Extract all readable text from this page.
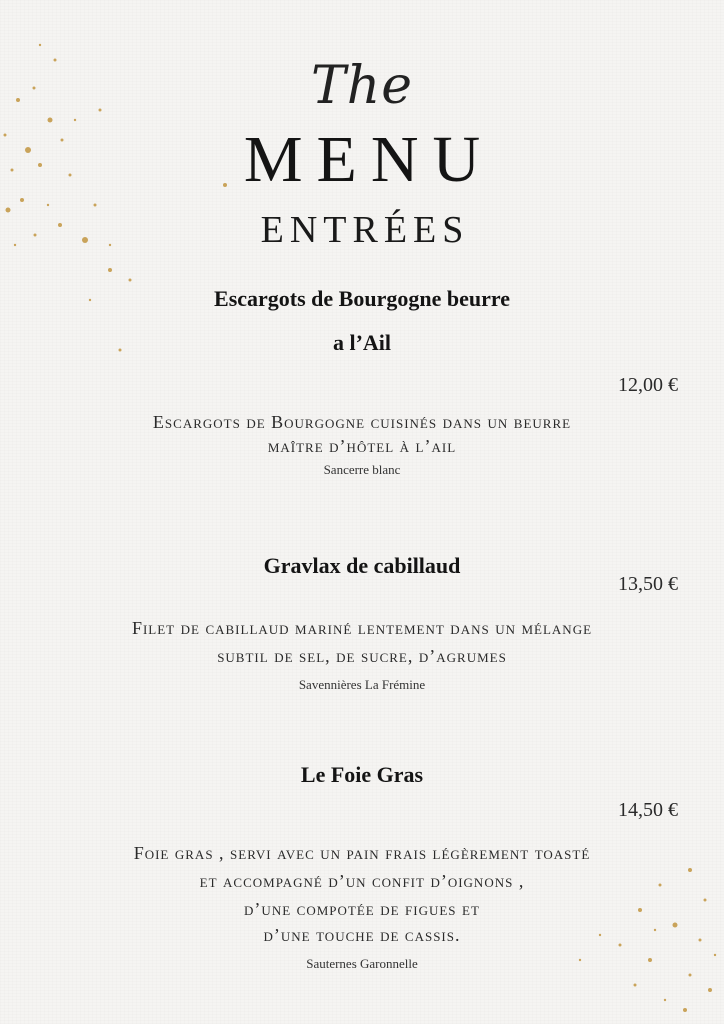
The
MENU
ENTRÉES
Escargots de Bourgogne beurre
a l’Ail
12,00 €
Escargots de Bourgogne cuisinés dans un beurre
maître d’hôtel à l’ail
Sancerre blanc
Gravlax de cabillaud
13,50 €
Filet de cabillaud mariné lentement dans un mélange
subtil de sel, de sucre, d’agrumes
Savennières La Frémine
Le Foie Gras
14,50 €
Foie gras , servi avec un pain frais légèrement toasté
et accompagné d’un confit d’oignons ,
d’une compotée de figues et
d’une touche de cassis.
Sauternes Garonnelle
